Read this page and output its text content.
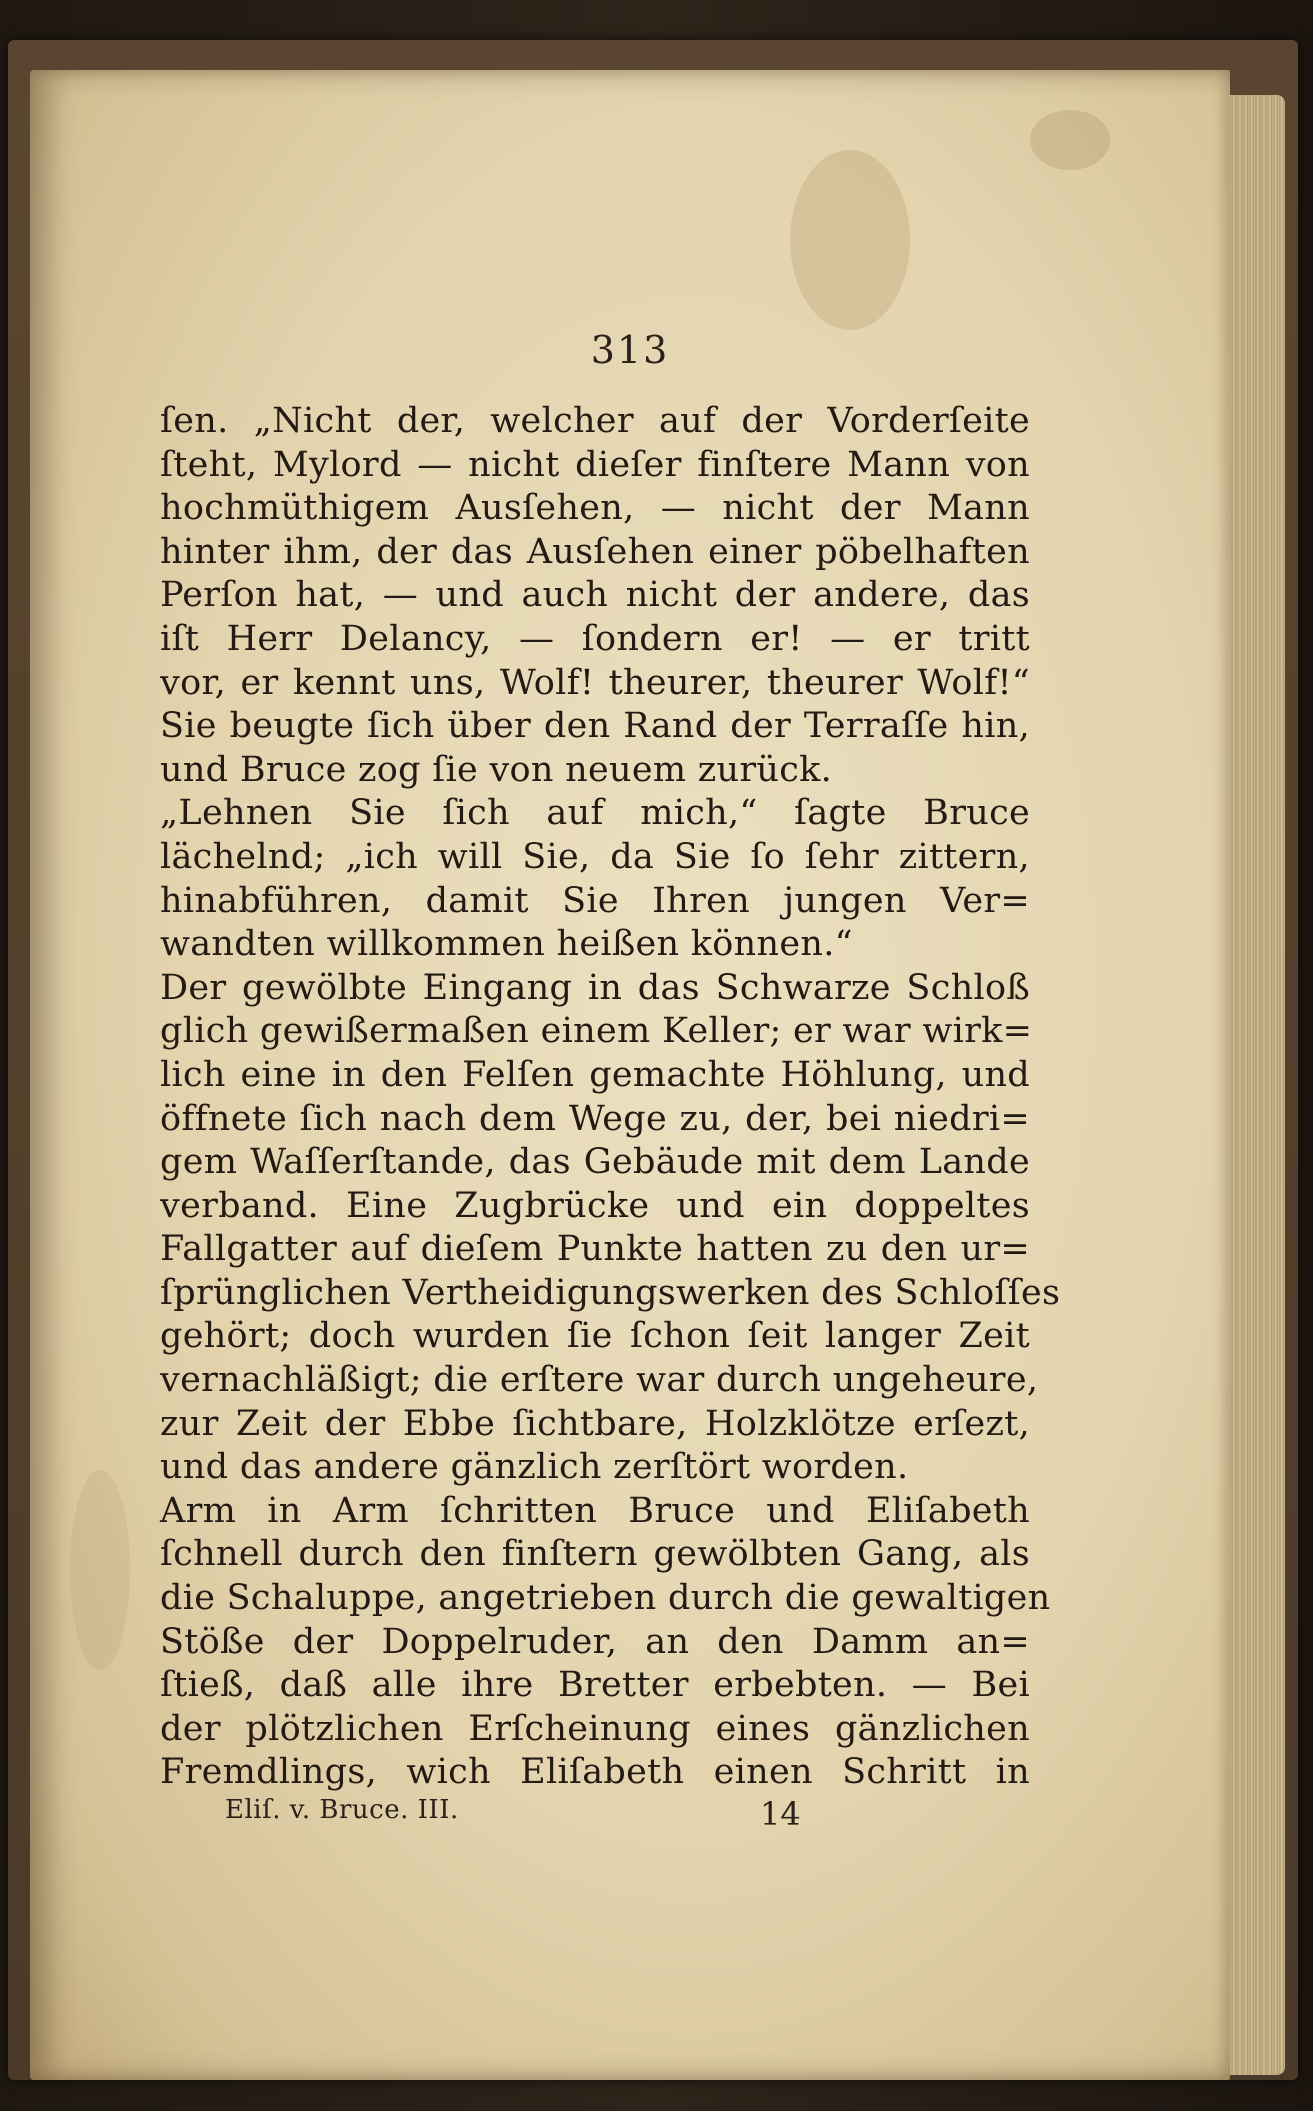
313
ſen. „Nicht der, welcher auf der Vorderſeite
ſteht, Mylord — nicht dieſer finſtere Mann von
hochmüthigem Ausſehen, — nicht der Mann
hinter ihm, der das Ausſehen einer pöbelhaften
Perſon hat, — und auch nicht der andere, das
iſt Herr Delancy, — ſondern er! — er tritt
vor, er kennt uns, Wolf! theurer, theurer Wolf!“
Sie beugte ſich über den Rand der Terraſſe hin,
und Bruce zog ſie von neuem zurück.
„Lehnen Sie ſich auf mich,“ ſagte Bruce
lächelnd; „ich will Sie, da Sie ſo ſehr zittern,
hinabführen, damit Sie Ihren jungen Ver=
wandten willkommen heißen können.“
Der gewölbte Eingang in das Schwarze Schloß
glich gewißermaßen einem Keller; er war wirk=
lich eine in den Felſen gemachte Höhlung, und
öffnete ſich nach dem Wege zu, der, bei niedri=
gem Waſſerſtande, das Gebäude mit dem Lande
verband. Eine Zugbrücke und ein doppeltes
Fallgatter auf dieſem Punkte hatten zu den ur=
ſprünglichen Vertheidigungswerken des Schloſſes
gehört; doch wurden ſie ſchon ſeit langer Zeit
vernachläßigt; die erſtere war durch ungeheure,
zur Zeit der Ebbe ſichtbare, Holzklötze erſezt,
und das andere gänzlich zerſtört worden.
Arm in Arm ſchritten Bruce und Eliſabeth
ſchnell durch den finſtern gewölbten Gang, als
die Schaluppe, angetrieben durch die gewaltigen
Stöße der Doppelruder, an den Damm an=
ſtieß, daß alle ihre Bretter erbebten. — Bei
der plötzlichen Erſcheinung eines gänzlichen
Fremdlings, wich Eliſabeth einen Schritt in
Eliſ. v. Bruce. III.	14
